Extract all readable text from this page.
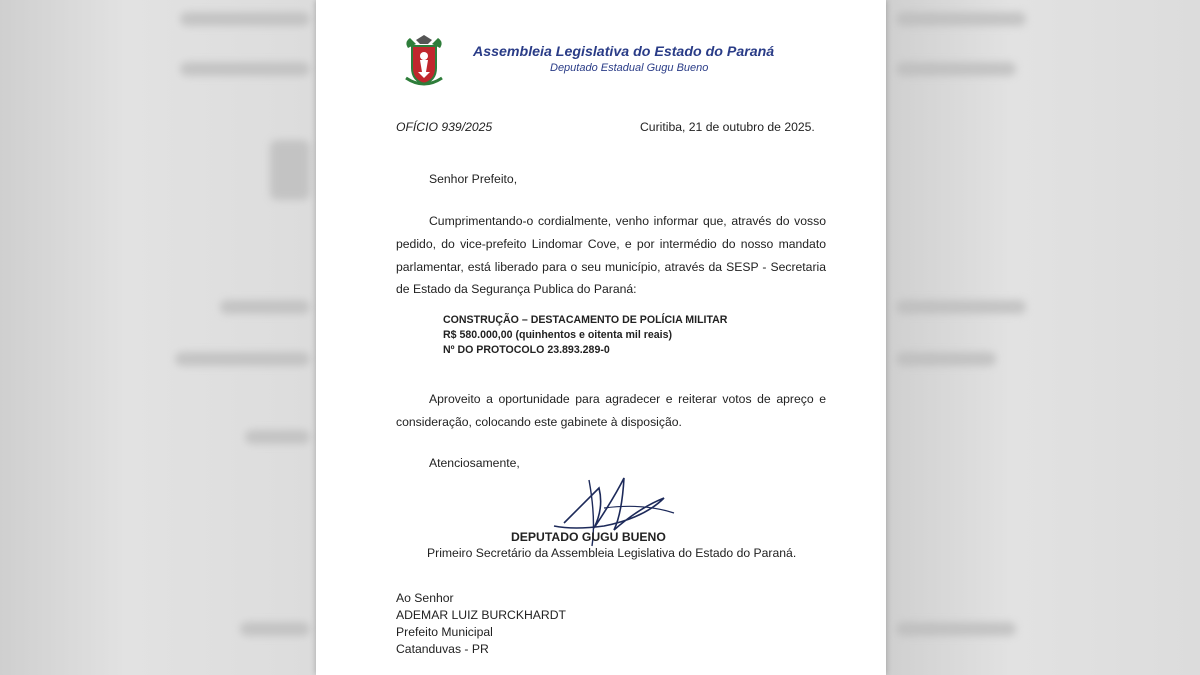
Assembleia Legislativa do Estado do Paraná
Deputado Estadual Gugu Bueno
OFÍCIO 939/2025	Curitiba, 21 de outubro de 2025.
Senhor Prefeito,
Cumprimentando-o cordialmente, venho informar que, através do vosso pedido, do vice-prefeito Lindomar Cove, e por intermédio do nosso mandato parlamentar, está liberado para o seu município, através da SESP - Secretaria de Estado da Segurança Publica do Paraná:
CONSTRUÇÃO – DESTACAMENTO DE POLÍCIA MILITAR
R$ 580.000,00 (quinhentos e oitenta mil reais)
Nº DO PROTOCOLO 23.893.289-0
Aproveito a oportunidade para agradecer e reiterar votos de apreço e consideração, colocando este gabinete à disposição.
Atenciosamente,
DEPUTADO GUGU BUENO
Primeiro Secretário da Assembleia Legislativa do Estado do Paraná.
Ao Senhor
ADEMAR LUIZ BURCKHARDT
Prefeito Municipal
Catanduvas - PR
